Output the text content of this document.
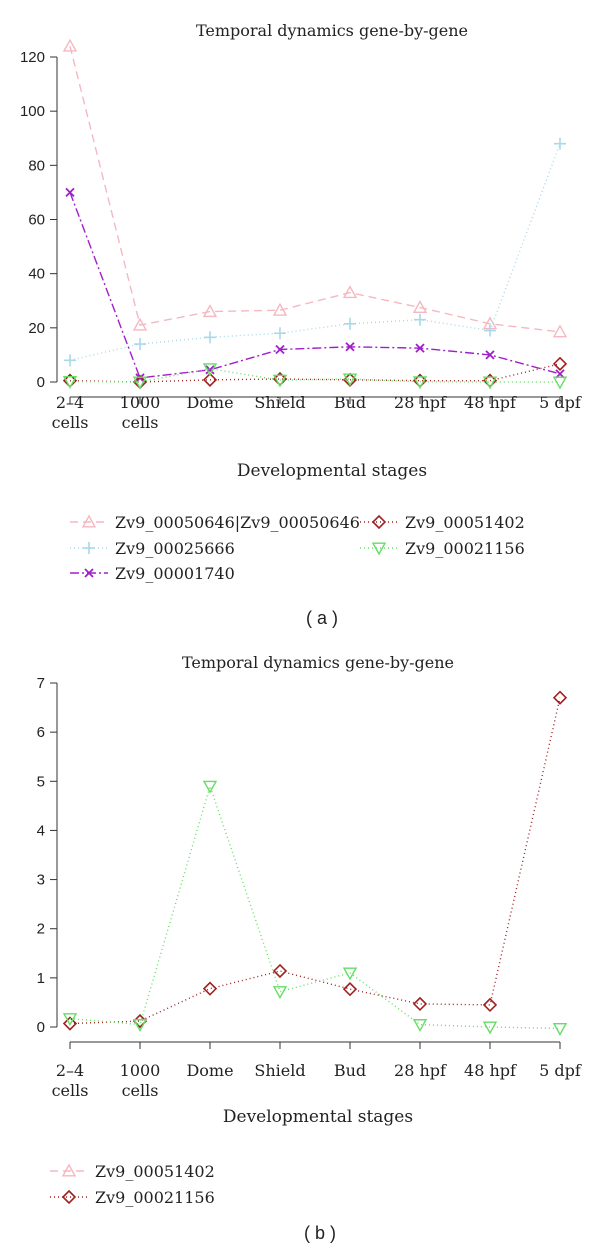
Temporal dynamics gene-by-gene
0
20
40
60
80
100
120
2–4 cells
1000 cells
Dome Shield Bud 28 hpf 48 hpf 5 dpf
Developmental stages
Zv9_00050646|Zv9_00050646
Zv9_00025666
Zv9_00001740
Zv9_00051402
Zv9_00021156
( a )
Temporal dynamics gene-by-gene
0
1
2
3
4
5
6
7
2–4 cells
1000 cells
Dome Shield Bud 28 hpf 48 hpf 5 dpf
Developmental stages
Zv9_00051402
Zv9_00021156
( b )
